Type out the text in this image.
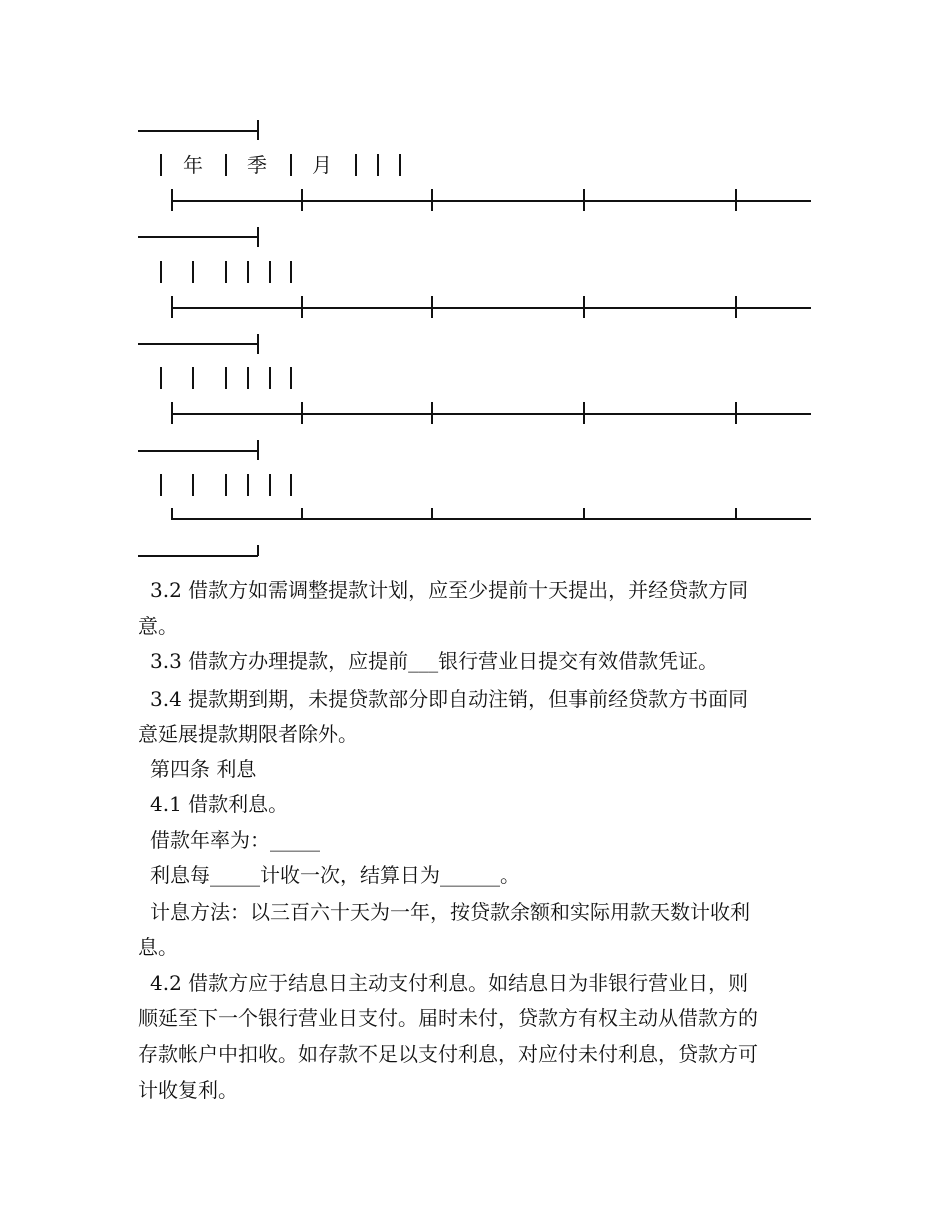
年 季 月
3.2 借款方如需调整提款计划，应至少提前十天提出，并经贷款方同
意。
3.3 借款方办理提款，应提前___银行营业日提交有效借款凭证。
3.4 提款期到期，未提贷款部分即自动注销，但事前经贷款方书面同
意延展提款期限者除外。
第四条 利息
4.1 借款利息。
借款年率为：_____
利息每_____计收一次，结算日为______。
计息方法：以三百六十天为一年，按贷款余额和实际用款天数计收利
息。
4.2 借款方应于结息日主动支付利息。如结息日为非银行营业日，则
顺延至下一个银行营业日支付。届时未付，贷款方有权主动从借款方的
存款帐户中扣收。如存款不足以支付利息，对应付未付利息，贷款方可
计收复利。
